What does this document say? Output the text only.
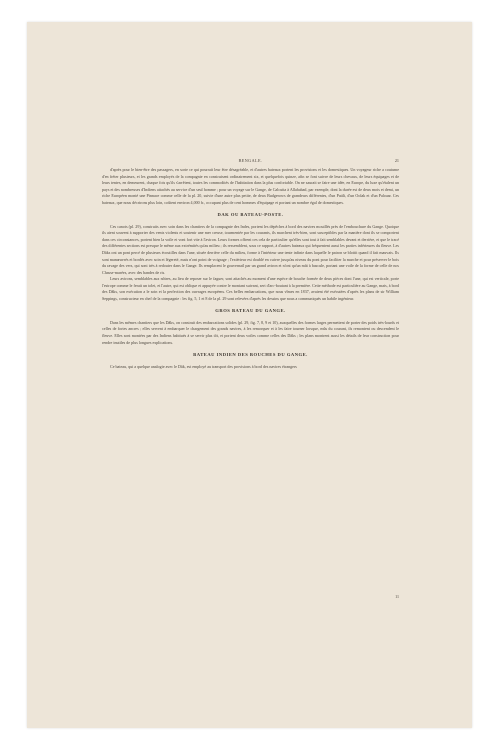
BENGALE.	21

d'après pour le bien-être des passagers, en sorte ce qui pourrait leur être désagréable, et d'autres bateaux portent les provisions et les domestiques. Un voyageur riche a coutume d'en fréter plusieurs, et les grands employés de la compagnie en construisent ordinairement six, et quelquefois quinze, afin se font suivre de leurs chevaux, de leurs équipages et de leurs tentes, en demeurent, chaque fois qu'ils s'arrêtent, toutes les commodités de l'habitation dans la plus confortable. On ne saurait se faire une idée, en Europe, du luxe qu'étalent un pays et des nombreuses d'Indiens attachés au service d'un seul homme ; pour un voyage sur le Gange, de Calcutta à Allahabad, par exemple, dont la durée est de deux mois et demi, un riche Européen monté une Pinnace comme celle de la pl. 20, suivie d'une autre plus petite, de deux Budgerows de grandeurs différentes, d'un Patili, d'un Oolak et d'un Paloaar. Ces bateaux, que nous décrirons plus loin, coûtent environ 4,000 fr., occupant plus de cent hommes d'équipage et portant un nombre égal de domestiques.

DAK OU BATEAU-POSTE.

Ces canots (pl. 29), construits avec soin dans les chantiers de la compagnie des Indes, portent les dépêches à bord des navires mouillés près de l'embouchure du Gange. Quoique ils aient souvent à supporter des vents violents et soutenir une mer creuse, tourmentée par les courants, ils marchent très-bien, sont susceptibles par la manière dont ils se comportent dans ces circonstances, portent bien la voile et vont fort vite à l'aviron. Leurs formes offrent ces cela de particulier qu'elles sont tout à fait semblables devant et derrière, et que le tracé des différentes sections est presque le même aux extrémités qu'au milieu ; ils ressemblent, sous ce rapport, à d'autres bateaux qui fréquentent aussi les parties inférieures du fleuve. Les Dâks ont un pont percé de plusieurs écoutilles dans l'une, située derrière celle du milieu, forme à l'intérieur une tente infinie dans laquelle le patron se blottit quand il fait mauvais. Ils sont manœuvrés et bordés avec soin et légereté, mais n'ont point de voigrage ; l'extérieur est doublé en cuivre jusqu'au niveau du pont pour faciliter la marche et pour préserver le bois du ravage des vers, qui sont très à redouter dans le Gange. Ils remplacent le gouvernail par un grand aviron et n'ont qu'un mât à bascule, portant une voile de la forme de celle de nos Chasse-marées, avec des bandes de ris.

Leurs avirons, semblables aux nôtres, au lieu de reposer sur le faguer, sont attachés au moment d'une espèce de bouche formée de deux pièces dont l'une, qui est verticale, porte l'estrope comme le ferait un tolet, et l'autre, qui est oblique et appuyée contre le montant suivant, sert d'arc-boutant à la première. Cette méthode est particulière au Gange, mais, à bord des Dâks, son exécution a le soin et la perfection des ouvrages européens. Ces belles embarcations, que nous vîmes en 1837, avaient été exécutées d'après les plans de sir William Seppings, constructeur en chef de la compagnie : les fig. 5, 1 et 8 de la pl. 29 sont relevées d'après les dessins que nous a communiqués un habile ingénieur.

GROS BATEAU DU GANGE.

Dans les mêmes chantiers que les Dâks, on construit des embarcations solides (pl. 29, fig. 7, 8, 9 et 10), auxquelles des formes larges permettent de porter des poids très-lourds et celles de fortes ancres ; elles servent à embarquer le chargement des grands navires, à les remorquer et à les faire tourner lorsque, mûs du courant, ils remontent ou descendent le fleuve. Elles sont montées par des Indiens habitués à se servir plus tôt, et portent deux voiles comme celles des Dâks ; les plans montrent aussi les détails de leur construction pour rendre inutiles de plus longues explications.

BATEAU INDIEN DES BOUCHES DU GANGE.

Ce bateau, qui a quelque analogie avec le Dâk, est employé au transport des provisions à bord des navires étrangers

11
